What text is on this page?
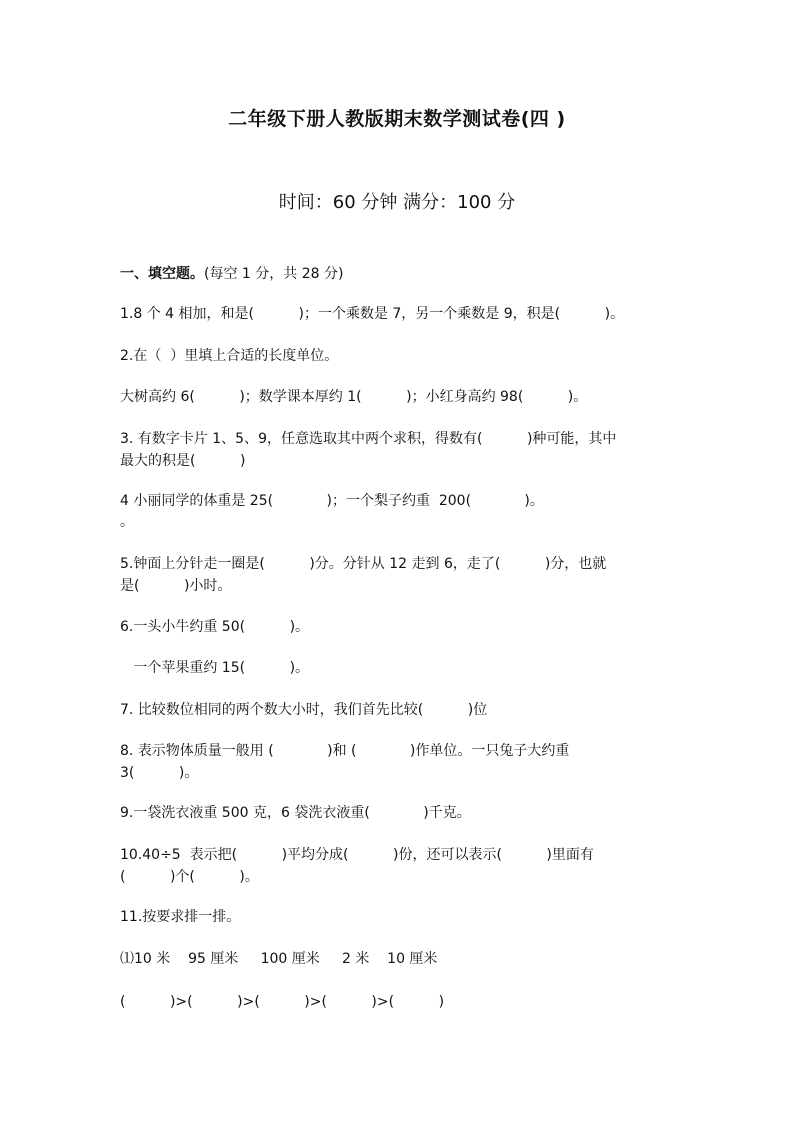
二年级下册人教版期末数学测试卷(四 )
时间：60 分钟 满分：100 分
一、填空题。(每空 1 分，共 28 分)
1.8 个 4 相加，和是(          )；一个乘数是 7，另一个乘数是 9，积是(          )。
2.在（  ）里填上合适的长度单位。
大树高约 6(          )；数学课本厚约 1(          )；小红身高约 98(          )。
3. 有数字卡片 1、5、9，任意选取其中两个求积，得数有(          )种可能，其中
最大的积是(          )
4 小丽同学的体重是 25(            )；一个梨子约重  200(            )。
。
5.钟面上分针走一圈是(          )分。分针从 12 走到 6，走了(          )分，也就
是(          )小时。
6.一头小牛约重 50(          )。
一个苹果重约 15(          )。
7. 比较数位相同的两个数大小时，我们首先比较(          )位
8. 表示物体质量一般用 (            )和 (            )作单位。一只兔子大约重
3(          )。
9.一袋洗衣液重 500 克，6 袋洗衣液重(            )千克。
10.40÷5  表示把(          )平均分成(          )份，还可以表示(          )里面有
(          )个(          )。
11.按要求排一排。
⑴10 米    95 厘米     100 厘米     2 米    10 厘米
(          )>(          )>(          )>(          )>(          )
